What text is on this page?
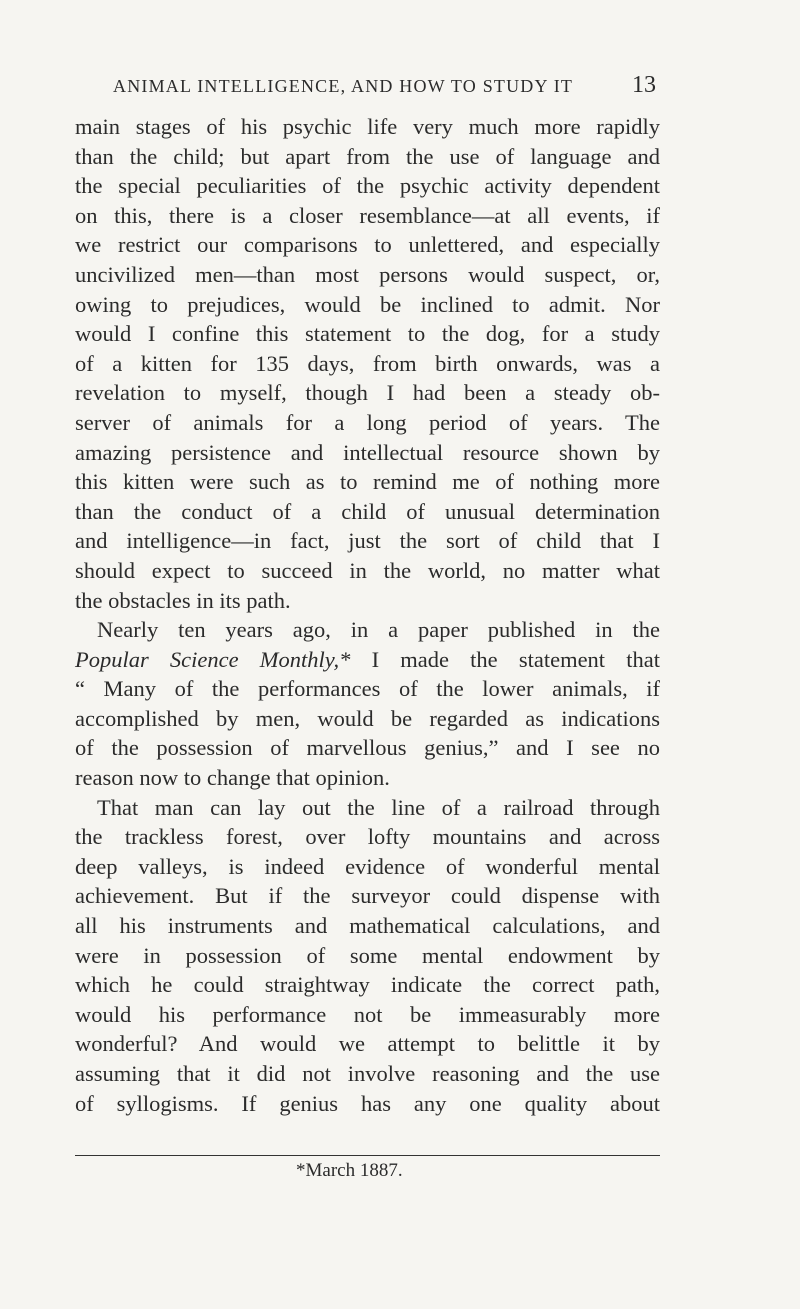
ANIMAL INTELLIGENCE, AND HOW TO STUDY IT 13
main stages of his psychic life very much more rapidly
than the child; but apart from the use of language and
the special peculiarities of the psychic activity dependent
on this, there is a closer resemblance—at all events, if
we restrict our comparisons to unlettered, and especially
uncivilized men—than most persons would suspect, or,
owing to prejudices, would be inclined to admit. Nor
would I confine this statement to the dog, for a study
of a kitten for 135 days, from birth onwards, was a
revelation to myself, though I had been a steady ob-
server of animals for a long period of years. The
amazing persistence and intellectual resource shown by
this kitten were such as to remind me of nothing more
than the conduct of a child of unusual determination
and intelligence—in fact, just the sort of child that I
should expect to succeed in the world, no matter what
the obstacles in its path.
Nearly ten years ago, in a paper published in the
Popular Science Monthly,* I made the statement that
“ Many of the performances of the lower animals, if
accomplished by men, would be regarded as indications
of the possession of marvellous genius,” and I see no
reason now to change that opinion.
That man can lay out the line of a railroad through
the trackless forest, over lofty mountains and across
deep valleys, is indeed evidence of wonderful mental
achievement. But if the surveyor could dispense with
all his instruments and mathematical calculations, and
were in possession of some mental endowment by
which he could straightway indicate the correct path,
would his performance not be immeasurably more
wonderful? And would we attempt to belittle it by
assuming that it did not involve reasoning and the use
of syllogisms. If genius has any one quality about
*March 1887.
